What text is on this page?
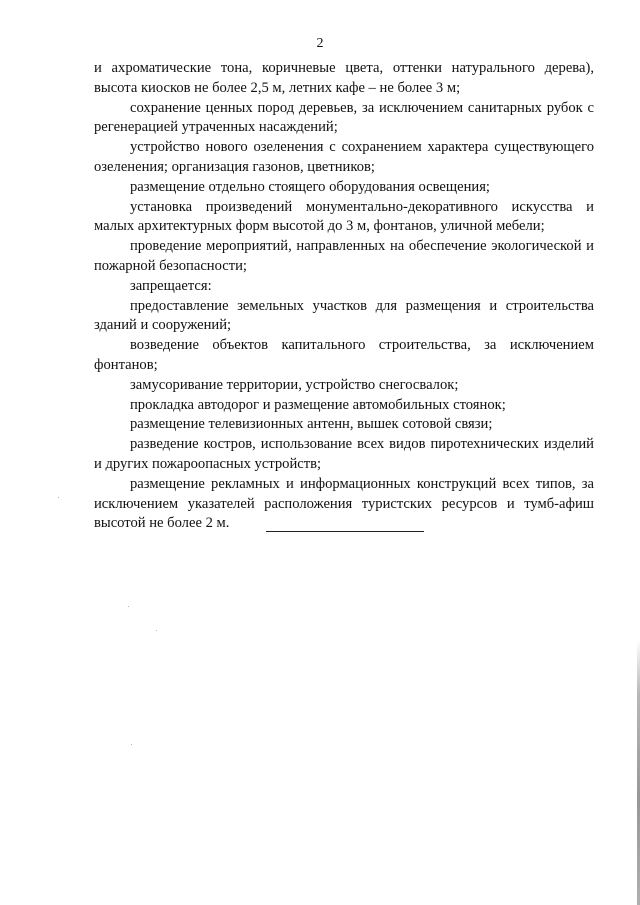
2

и ахроматические тона, коричневые цвета, оттенки натурального дерева), высота киосков не более 2,5 м, летних кафе – не более 3 м;

сохранение ценных пород деревьев, за исключением санитарных рубок с регенерацией утраченных насаждений;

устройство нового озеленения с сохранением характера существующего озеленения; организация газонов, цветников;

размещение отдельно стоящего оборудования освещения;

установка произведений монументально-декоративного искусства и малых архитектурных форм высотой до 3 м, фонтанов, уличной мебели;

проведение мероприятий, направленных на обеспечение экологической и пожарной безопасности;

запрещается:

предоставление земельных участков для размещения и строительства зданий и сооружений;

возведение объектов капитального строительства, за исключением фонтанов;

замусоривание территории, устройство снегосвалок;

прокладка автодорог и размещение автомобильных стоянок;

размещение телевизионных антенн, вышек сотовой связи;

разведение костров, использование всех видов пиротехнических изделий и других пожароопасных устройств;

размещение рекламных и информационных конструкций всех типов, за исключением указателей расположения туристских ресурсов и тумб-афиш высотой не более 2 м.
